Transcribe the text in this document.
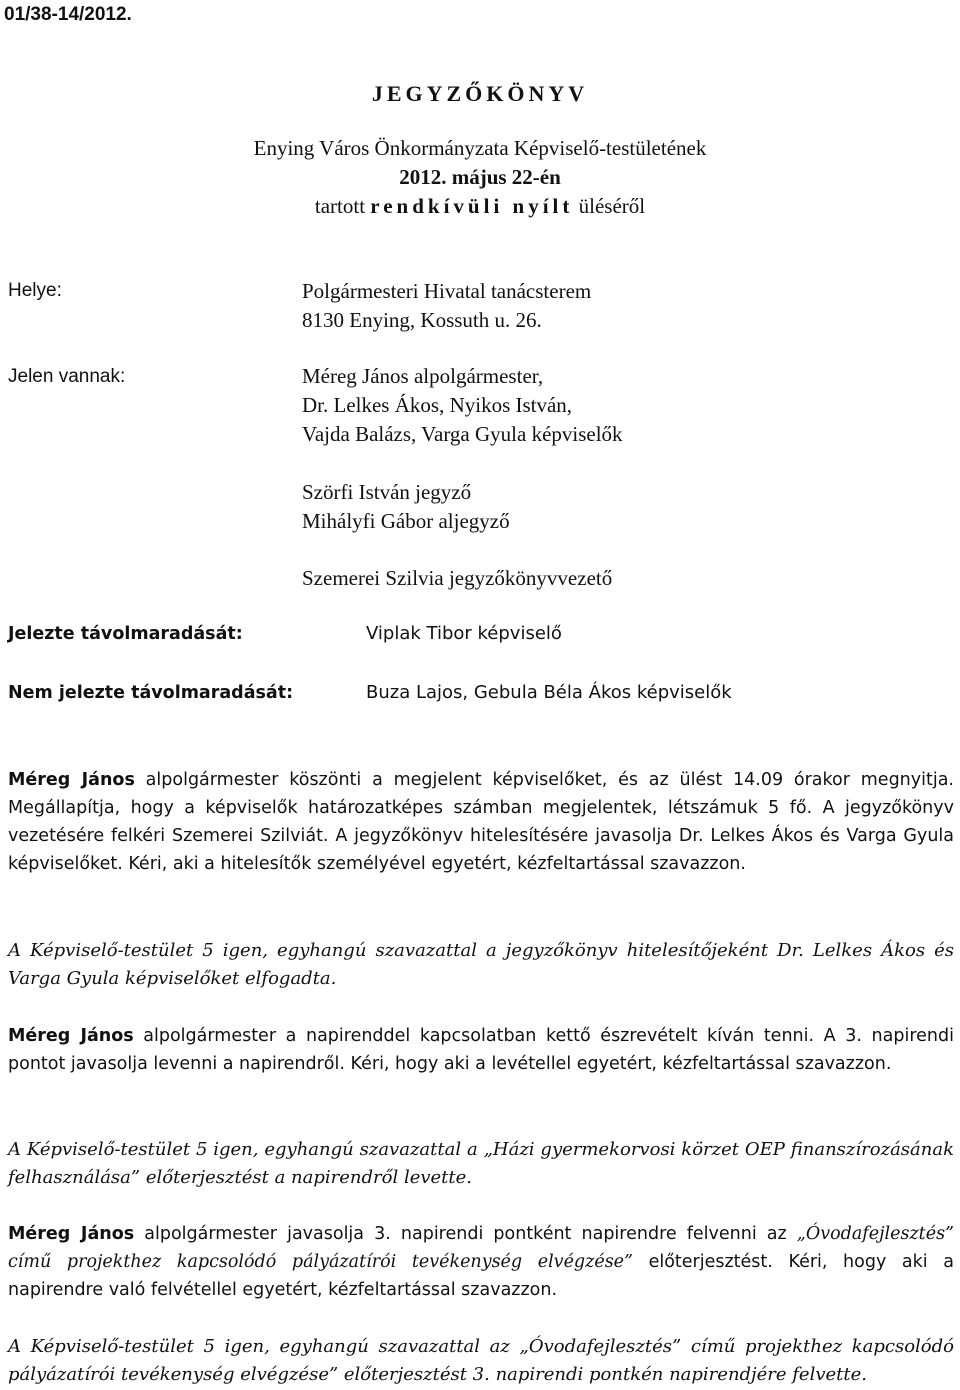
01/38-14/2012.
JEGYZŐKÖNYV
Enying Város Önkormányzata Képviselő-testületének
2012. május 22-én
tartott rendkívüli nyílt üléséről
Helye:	Polgármesteri Hivatal tanácsterem
8130 Enying, Kossuth u. 26.
Jelen vannak:	Méreg János alpolgármester,
Dr. Lelkes Ákos, Nyikos István,
Vajda Balázs, Varga Gyula képviselők
Szörfi István jegyző
Mihályfi Gábor aljegyző
Szemerei Szilvia jegyzőkönyvvezető
Jelezte távolmaradását:	Viplak Tibor képviselő
Nem jelezte távolmaradását:	Buza Lajos, Gebula Béla Ákos képviselők
Méreg János alpolgármester köszönti a megjelent képviselőket, és az ülést 14.09 órakor megnyitja. Megállapítja, hogy a képviselők határozatképes számban megjelentek, létszámuk 5 fő. A jegyzőkönyv vezetésére felkéri Szemerei Szilviát. A jegyzőkönyv hitelesítésére javasolja Dr. Lelkes Ákos és Varga Gyula képviselőket. Kéri, aki a hitelesítők személyével egyetért, kézfeltartással szavazzon.
A Képviselő-testület 5 igen, egyhangú szavazattal a jegyzőkönyv hitelesítőjeként Dr. Lelkes Ákos és Varga Gyula képviselőket elfogadta.
Méreg János alpolgármester a napirenddel kapcsolatban kettő észrevételt kíván tenni. A 3. napirendi pontot javasolja levenni a napirendről. Kéri, hogy aki a levétellel egyetért, kézfeltartással szavazzon.
A Képviselő-testület 5 igen, egyhangú szavazattal a „Házi gyermekorvosi körzet OEP finanszírozásának felhasználása” előterjesztést a napirendről levette.
Méreg János alpolgármester javasolja 3. napirendi pontként napirendre felvenni az „Óvodafejlesztés” című projekthez kapcsolódó pályázatírói tevékenység elvégzése” előterjesztést. Kéri, hogy aki a napirendre való felvétellel egyetért, kézfeltartással szavazzon.
A Képviselő-testület 5 igen, egyhangú szavazattal az „Óvodafejlesztés” című projekthez kapcsolódó pályázatírói tevékenység elvégzése” előterjesztést 3. napirendi pontkén napirendjére felvette.
